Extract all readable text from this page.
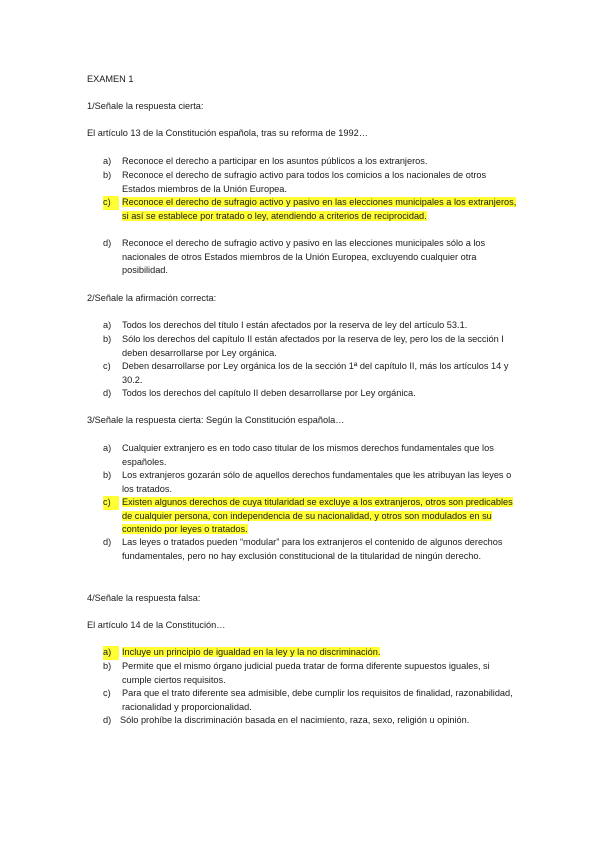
EXAMEN 1
1/Señale la respuesta cierta:
El artículo 13 de la Constitución española, tras su reforma de 1992…
a)	Reconoce el derecho a participar en los asuntos públicos a los extranjeros.
b)	Reconoce el derecho de sufragio activo para todos los comicios a los nacionales de otros Estados miembros de la Unión Europea.
c)	Reconoce el derecho de sufragio activo y pasivo en las elecciones municipales a los extranjeros, si así se establece por tratado o ley, atendiendo a criterios de reciprocidad.
d)	Reconoce el derecho de sufragio activo y pasivo en las elecciones municipales sólo a los nacionales de otros Estados miembros de la Unión Europea, excluyendo cualquier otra posibilidad.
2/Señale la afirmación correcta:
a)	Todos los derechos del título I están afectados por la reserva de ley del artículo 53.1.
b)	Sólo los derechos del capítulo II están afectados por la reserva de ley, pero los de la sección I deben desarrollarse por Ley orgánica.
c)	Deben desarrollarse por Ley orgánica los de la sección 1ª del capítulo II, más los artículos 14 y 30.2.
d)	Todos los derechos del capítulo II deben desarrollarse por Ley orgánica.
3/Señale la respuesta cierta: Según la Constitución española…
a)	Cualquier extranjero es en todo caso titular de los mismos derechos fundamentales que los españoles.
b)	Los extranjeros gozarán sólo de aquellos derechos fundamentales que les atribuyan las leyes o los tratados.
c)	Existen algunos derechos de cuya titularidad se excluye a los extranjeros, otros son predicables de cualquier persona, con independencia de su nacionalidad, y otros son modulados en su contenido por leyes o tratados.
d)	Las leyes o tratados pueden “modular” para los extranjeros el contenido de algunos derechos fundamentales, pero no hay exclusión constitucional de la titularidad de ningún derecho.
4/Señale la respuesta falsa:
El artículo 14 de la Constitución…
a)	Incluye un principio de igualdad en la ley y la no discriminación.
b)	Permite que el mismo órgano judicial pueda tratar de forma diferente supuestos iguales, si cumple ciertos requisitos.
c)	Para que el trato diferente sea admisible, debe cumplir los requisitos de finalidad, razonabilidad, racionalidad y proporcionalidad.
d) Sólo prohíbe la discriminación basada en el nacimiento, raza, sexo, religión u opinión.
